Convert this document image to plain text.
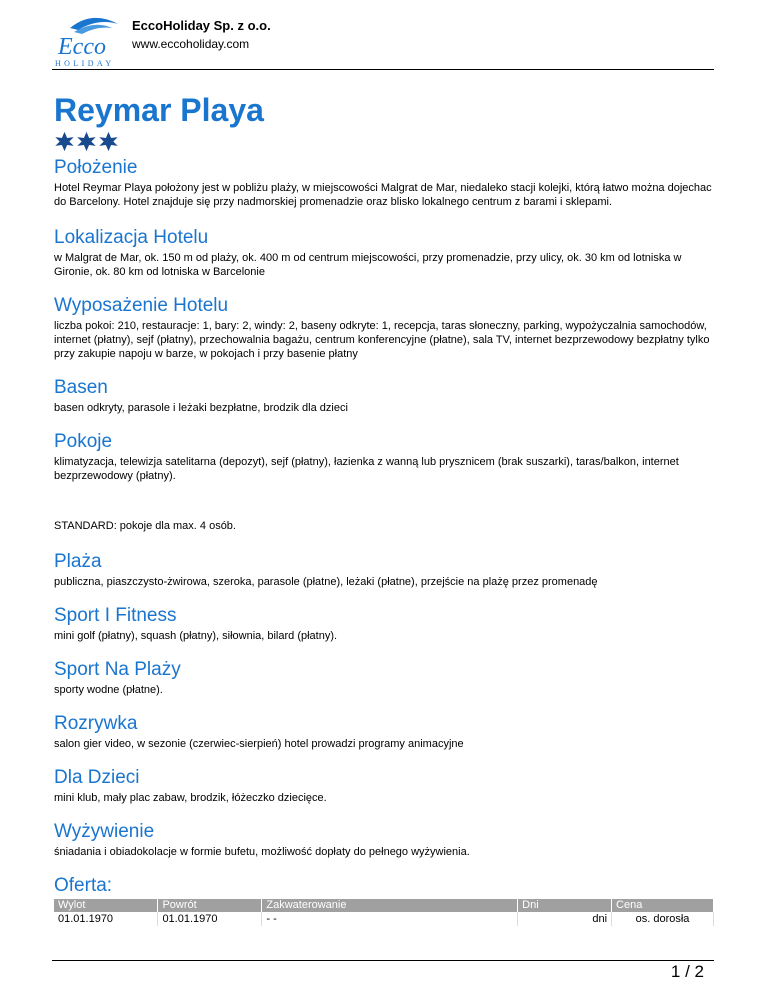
Ecco
HOLIDAY
EccoHoliday Sp. z o.o.
www.eccoholiday.com
Reymar Playa
Położenie

Hotel Reymar Playa położony jest w pobliżu plaży, w miejscowości Malgrat de Mar, niedaleko stacji kolejki, którą łatwo można dojechac do Barcelony. Hotel znajduje się przy nadmorskiej promenadzie oraz blisko lokalnego centrum z barami i sklepami.

Lokalizacja Hotelu

w Malgrat de Mar, ok. 150 m od plaży, ok. 400 m od centrum miejscowości, przy promenadzie, przy ulicy, ok. 30 km od lotniska w Gironie, ok. 80 km od lotniska w Barcelonie

Wyposażenie Hotelu

liczba pokoi: 210, restauracje: 1, bary: 2, windy: 2, baseny odkryte: 1, recepcja, taras słoneczny, parking, wypożyczalnia samochodów, internet (płatny), sejf (płatny), przechowalnia bagażu, centrum konferencyjne (płatne), sala TV, internet bezprzewodowy bezpłatny tylko przy zakupie napoju w barze, w pokojach i przy basenie płatny

Basen

basen odkryty, parasole i leżaki bezpłatne, brodzik dla dzieci

Pokoje

klimatyzacja, telewizja satelitarna (depozyt), sejf (płatny), łazienka z wanną lub prysznicem (brak suszarki), taras/balkon, internet bezprzewodowy (płatny).

STANDARD: pokoje dla max. 4 osób.

Plaża

publiczna, piaszczysto-żwirowa, szeroka, parasole (płatne), leżaki (płatne), przejście na plażę przez promenadę

Sport I Fitness

mini golf (płatny), squash (płatny), siłownia, bilard (płatny).

Sport Na Plaży

sporty wodne (płatne).

Rozrywka

salon gier video, w sezonie (czerwiec-sierpień) hotel prowadzi programy animacyjne

Dla Dzieci

mini klub, mały plac zabaw, brodzik, łóżeczko dziecięce.

Wyżywienie

śniadania i obiadokolacje w formie bufetu, możliwość dopłaty do pełnego wyżywienia.

Oferta:
Wylot	Powrót	Zakwaterowanie	Dni	Cena
01.01.1970	01.01.1970	- -	dni	os. dorosła
1 / 2
